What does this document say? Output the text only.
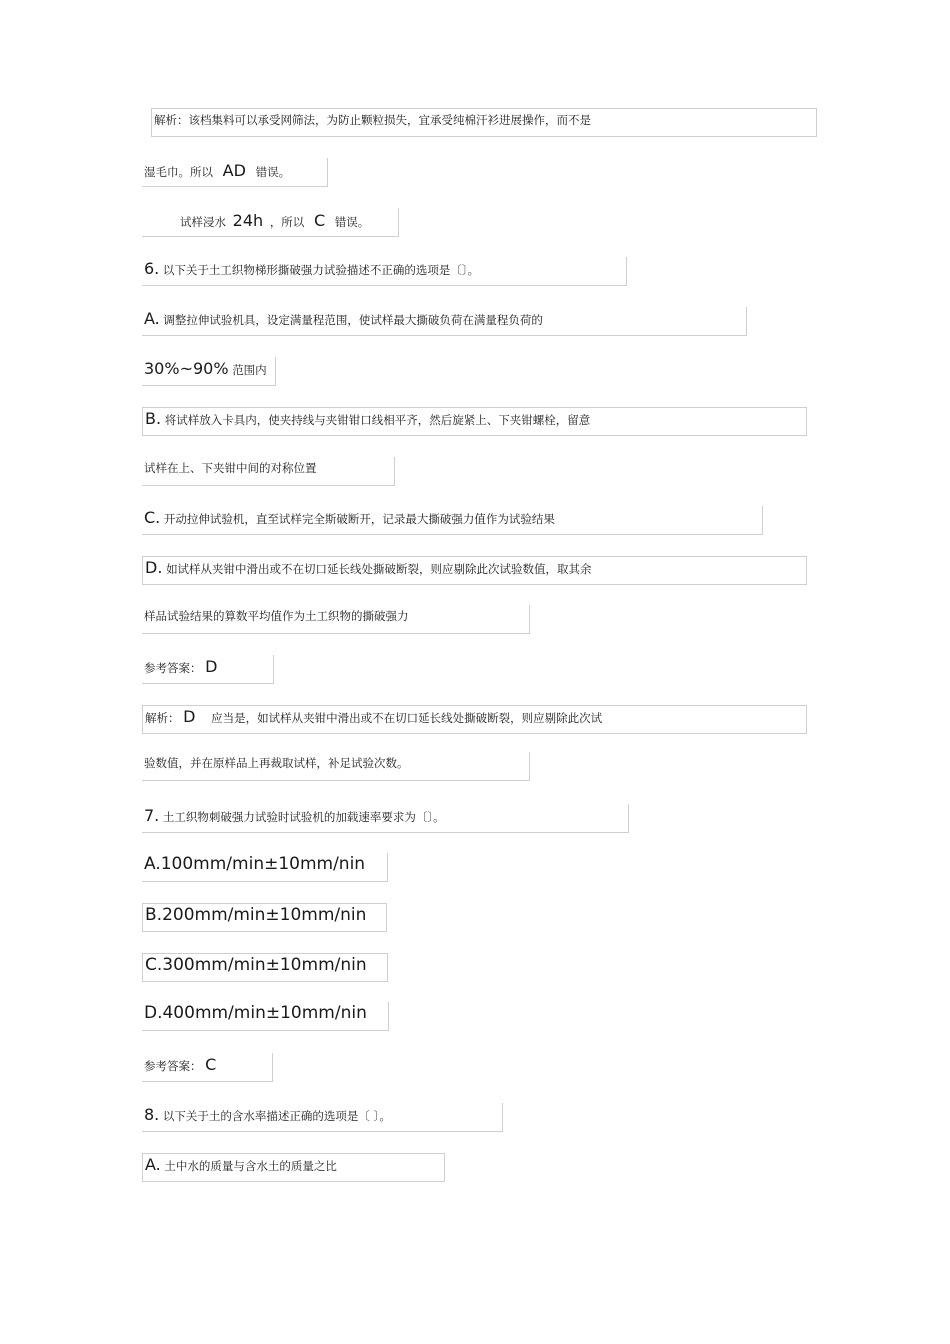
解析：该档集料可以承受网筛法，为防止颗粒损失，宜承受纯棉汗衫进展操作，而不是
湿毛巾。所以 AD 错误。
试样浸水 24h ，所以 C 错误。
6. 以下关于土工织物梯形撕破强力试验描述不正确的选项是〔〕。
A. 调整拉伸试验机具，设定满量程范围，使试样最大撕破负荷在满量程负荷的
30%~90% 范围内
B. 将试样放入卡具内，使夹持线与夹钳钳口线相平齐，然后旋紧上、下夹钳螺栓，留意
试样在上、下夹钳中间的对称位置
C. 开动拉伸试验机，直至试样完全斯破断开，记录最大撕破强力值作为试验结果
D. 如试样从夹钳中滑出或不在切口延长线处撕破断裂，则应剔除此次试验数值，取其余
样品试验结果的算数平均值作为土工织物的撕破强力
参考答案： D
解析： D 应当是，如试样从夹钳中滑出或不在切口延长线处撕破断裂，则应剔除此次试
验数值，并在原样品上再裁取试样，补足试验次数。
7. 土工织物刺破强力试验时试验机的加载速率要求为〔〕。
A.100mm/min±10mm/nin
B.200mm/min±10mm/nin
C.300mm/min±10mm/nin
D.400mm/min±10mm/nin
参考答案： C
8. 以下关于土的含水率描述正确的选项是〔 〕。
A. 土中水的质量与含水土的质量之比
